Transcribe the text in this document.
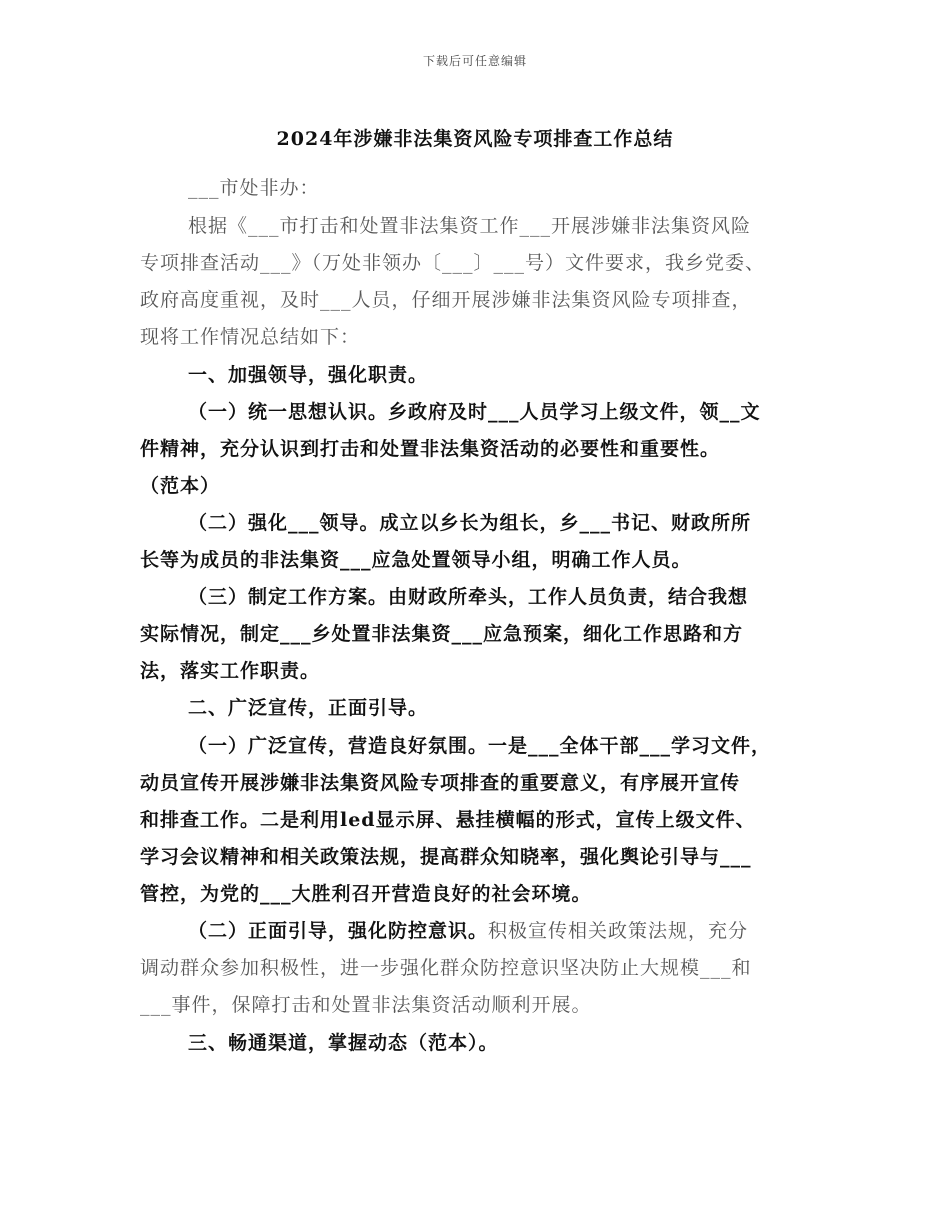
下载后可任意编辑
2024年涉嫌非法集资风险专项排查工作总结
___市处非办：
根据《___市打击和处置非法集资工作___开展涉嫌非法集资风险
专项排查活动___》（万处非领办〔___〕___号）文件要求，我乡党委、
政府高度重视，及时___人员，仔细开展涉嫌非法集资风险专项排查，
现将工作情况总结如下：
一、加强领导，强化职责。
（一）统一思想认识。乡政府及时___人员学习上级文件，领__文
件精神，充分认识到打击和处置非法集资活动的必要性和重要性。
（范本）
（二）强化___领导。成立以乡长为组长，乡___书记、财政所所
长等为成员的非法集资___应急处置领导小组，明确工作人员。
（三）制定工作方案。由财政所牵头，工作人员负责，结合我想
实际情况，制定___乡处置非法集资___应急预案，细化工作思路和方
法，落实工作职责。
二、广泛宣传，正面引导。
（一）广泛宣传，营造良好氛围。一是___全体干部___学习文件，
动员宣传开展涉嫌非法集资风险专项排查的重要意义，有序展开宣传
和排查工作。二是利用led显示屏、悬挂横幅的形式，宣传上级文件、
学习会议精神和相关政策法规，提高群众知晓率，强化舆论引导与___
管控，为党的___大胜利召开营造良好的社会环境。
（二）正面引导，强化防控意识。积极宣传相关政策法规，充分
调动群众参加积极性，进一步强化群众防控意识坚决防止大规模___和
___事件，保障打击和处置非法集资活动顺利开展。
三、畅通渠道，掌握动态（范本）。
